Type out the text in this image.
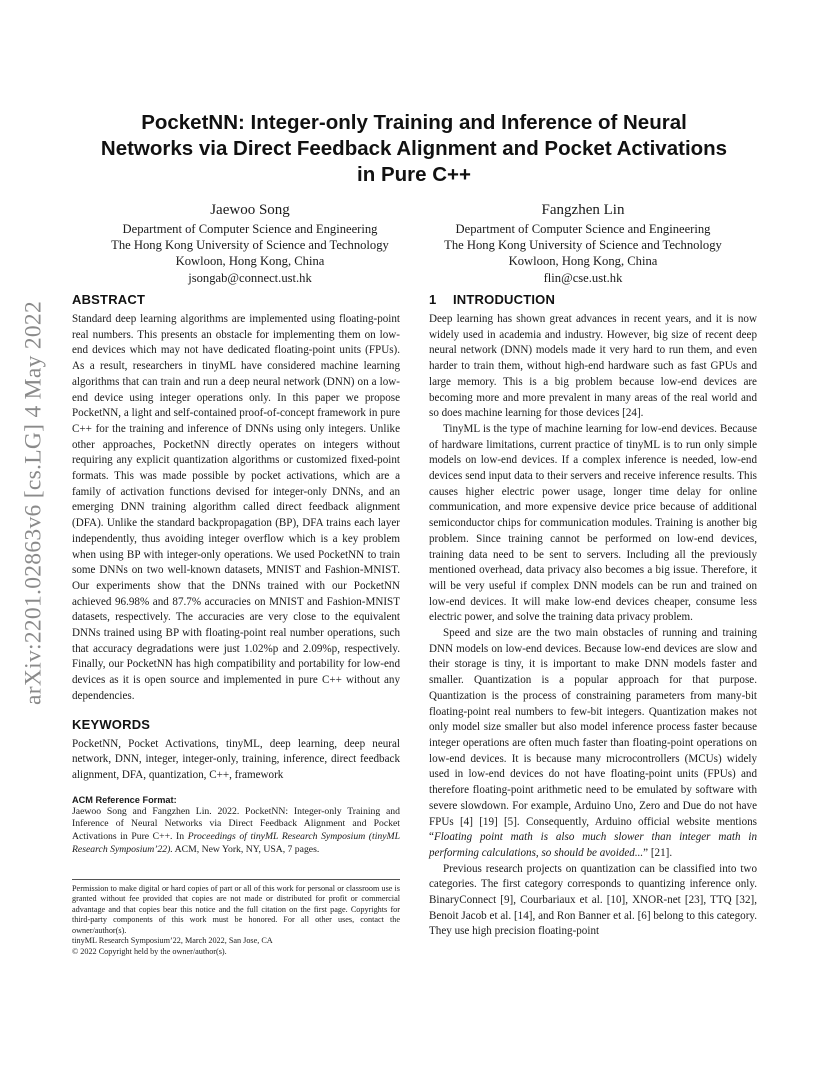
arXiv:2201.02863v6 [cs.LG] 4 May 2022
PocketNN: Integer-only Training and Inference of Neural Networks via Direct Feedback Alignment and Pocket Activations in Pure C++
Jaewoo Song
Department of Computer Science and Engineering
The Hong Kong University of Science and Technology
Kowloon, Hong Kong, China
jsongab@connect.ust.hk
Fangzhen Lin
Department of Computer Science and Engineering
The Hong Kong University of Science and Technology
Kowloon, Hong Kong, China
flin@cse.ust.hk
ABSTRACT

Standard deep learning algorithms are implemented using floating-point real numbers. This presents an obstacle for implementing them on low-end devices which may not have dedicated floating-point units (FPUs). As a result, researchers in tinyML have considered machine learning algorithms that can train and run a deep neural network (DNN) on a low-end device using integer operations only. In this paper we propose PocketNN, a light and self-contained proof-of-concept framework in pure C++ for the training and inference of DNNs using only integers. Unlike other approaches, PocketNN directly operates on integers without requiring any explicit quantization algorithms or customized fixed-point formats. This was made possible by pocket activations, which are a family of activation functions devised for integer-only DNNs, and an emerging DNN training algorithm called direct feedback alignment (DFA). Unlike the standard backpropagation (BP), DFA trains each layer independently, thus avoiding integer overflow which is a key problem when using BP with integer-only operations. We used PocketNN to train some DNNs on two well-known datasets, MNIST and Fashion-MNIST. Our experiments show that the DNNs trained with our PocketNN achieved 96.98% and 87.7% accuracies on MNIST and Fashion-MNIST datasets, respectively. The accuracies are very close to the equivalent DNNs trained using BP with floating-point real number operations, such that accuracy degradations were just 1.02%p and 2.09%p, respectively. Finally, our PocketNN has high compatibility and portability for low-end devices as it is open source and implemented in pure C++ without any dependencies.

KEYWORDS

PocketNN, Pocket Activations, tinyML, deep learning, deep neural network, DNN, integer, integer-only, training, inference, direct feedback alignment, DFA, quantization, C++, framework

ACM Reference Format:
Jaewoo Song and Fangzhen Lin. 2022. PocketNN: Integer-only Training and Inference of Neural Networks via Direct Feedback Alignment and Pocket Activations in Pure C++. In Proceedings of tinyML Research Symposium (tinyML Research Symposium’22). ACM, New York, NY, USA, 7 pages.
Permission to make digital or hard copies of part or all of this work for personal or classroom use is granted without fee provided that copies are not made or distributed for profit or commercial advantage and that copies bear this notice and the full citation on the first page. Copyrights for third-party components of this work must be honored. For all other uses, contact the owner/author(s).
tinyML Research Symposium’22, March 2022, San Jose, CA
© 2022 Copyright held by the owner/author(s).
1 INTRODUCTION

Deep learning has shown great advances in recent years, and it is now widely used in academia and industry. However, big size of recent deep neural network (DNN) models made it very hard to run them, and even harder to train them, without high-end hardware such as fast GPUs and large memory. This is a big problem because low-end devices are becoming more and more prevalent in many areas of the real world and so does machine learning for those devices [24].

TinyML is the type of machine learning for low-end devices. Because of hardware limitations, current practice of tinyML is to run only simple models on low-end devices. If a complex inference is needed, low-end devices send input data to their servers and receive inference results. This causes higher electric power usage, longer time delay for online communication, and more expensive device price because of additional semiconductor chips for communication modules. Training is another big problem. Since training cannot be performed on low-end devices, training data need to be sent to servers. Including all the previously mentioned overhead, data privacy also becomes a big issue. Therefore, it will be very useful if complex DNN models can be run and trained on low-end devices. It will make low-end devices cheaper, consume less electric power, and solve the training data privacy problem.

Speed and size are the two main obstacles of running and training DNN models on low-end devices. Because low-end devices are slow and their storage is tiny, it is important to make DNN models faster and smaller. Quantization is a popular approach for that purpose. Quantization is the process of constraining parameters from many-bit floating-point real numbers to few-bit integers. Quantization makes not only model size smaller but also model inference process faster because integer operations are often much faster than floating-point operations on low-end devices. It is because many microcontrollers (MCUs) widely used in low-end devices do not have floating-point units (FPUs) and therefore floating-point arithmetic need to be emulated by software with severe slowdown. For example, Arduino Uno, Zero and Due do not have FPUs [4] [19] [5]. Consequently, Arduino official website mentions “Floating point math is also much slower than integer math in performing calculations, so should be avoided...” [21].

Previous research projects on quantization can be classified into two categories. The first category corresponds to quantizing inference only. BinaryConnect [9], Courbariaux et al. [10], XNOR-net [23], TTQ [32], Benoit Jacob et al. [14], and Ron Banner et al. [6] belong to this category. They use high precision floating-point
